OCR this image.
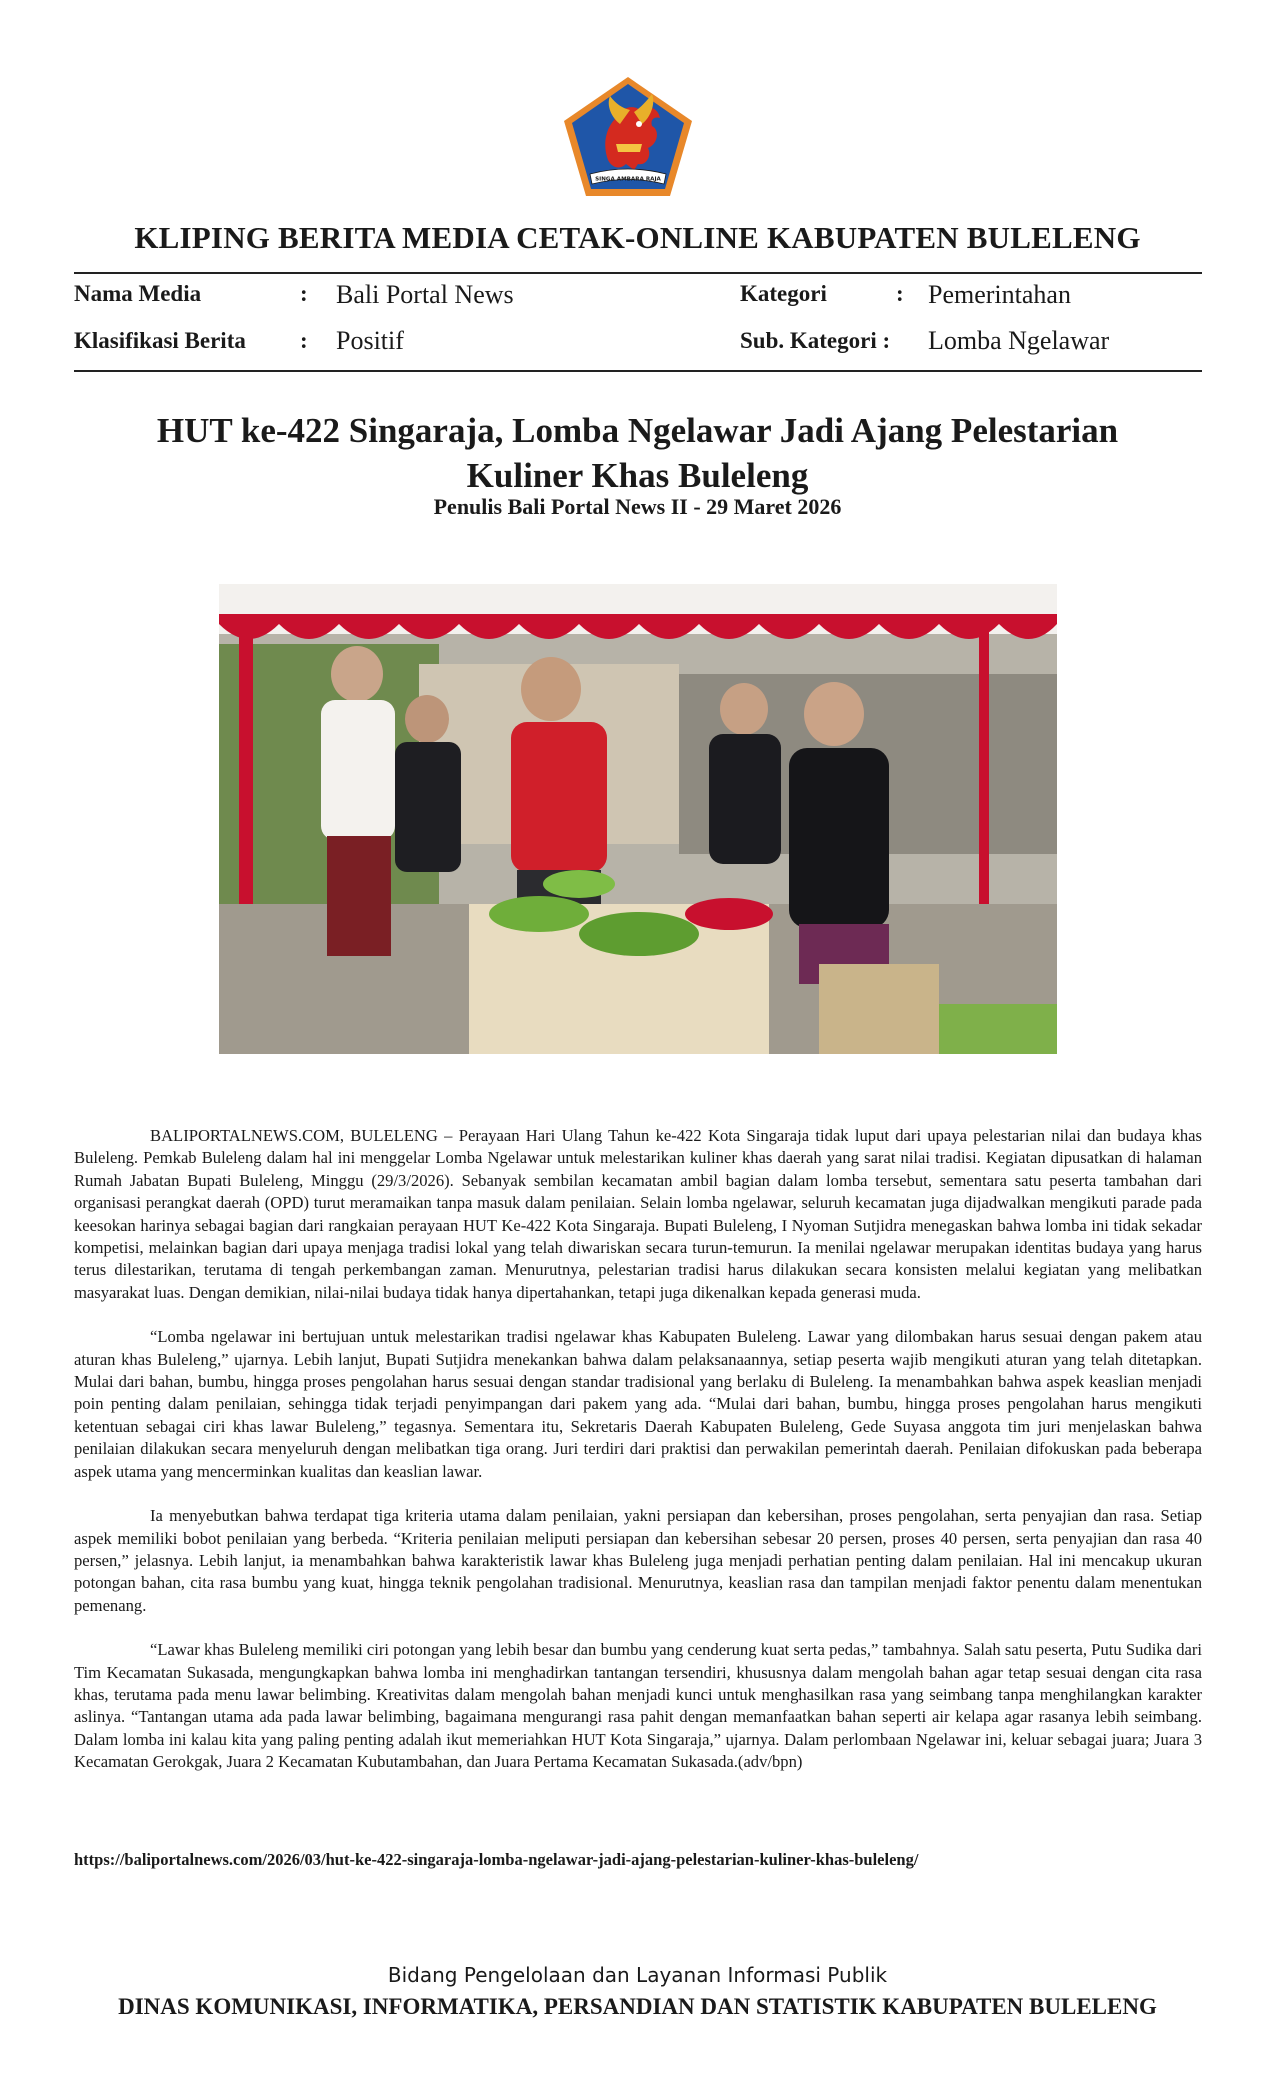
SINGA AMBARA RAJA
KLIPING BERITA MEDIA CETAK-ONLINE KABUPATEN BULELENG
Nama Media	: Bali Portal News
Klasifikasi Berita : Positif
Kategori	: Pemerintahan
Sub. Kategori : Lomba Ngelawar
HUT ke-422 Singaraja, Lomba Ngelawar Jadi Ajang Pelestarian
Kuliner Khas Buleleng
Penulis Bali Portal News II - 29 Maret 2026

BALIPORTALNEWS.COM, BULELENG – Perayaan Hari Ulang Tahun ke-422 Kota Singaraja tidak luput dari upaya pelestarian nilai dan budaya khas Buleleng. Pemkab Buleleng dalam hal ini menggelar Lomba Ngelawar untuk melestarikan kuliner khas daerah yang sarat nilai tradisi. Kegiatan dipusatkan di halaman Rumah Jabatan Bupati Buleleng, Minggu (29/3/2026). Sebanyak sembilan kecamatan ambil bagian dalam lomba tersebut, sementara satu peserta tambahan dari organisasi perangkat daerah (OPD) turut meramaikan tanpa masuk dalam penilaian. Selain lomba ngelawar, seluruh kecamatan juga dijadwalkan mengikuti parade pada keesokan harinya sebagai bagian dari rangkaian perayaan HUT Ke-422 Kota Singaraja. Bupati Buleleng, I Nyoman Sutjidra menegaskan bahwa lomba ini tidak sekadar kompetisi, melainkan bagian dari upaya menjaga tradisi lokal yang telah diwariskan secara turun-temurun. Ia menilai ngelawar merupakan identitas budaya yang harus terus dilestarikan, terutama di tengah perkembangan zaman. Menurutnya, pelestarian tradisi harus dilakukan secara konsisten melalui kegiatan yang melibatkan masyarakat luas. Dengan demikian, nilai-nilai budaya tidak hanya dipertahankan, tetapi juga dikenalkan kepada generasi muda.

“Lomba ngelawar ini bertujuan untuk melestarikan tradisi ngelawar khas Kabupaten Buleleng. Lawar yang dilombakan harus sesuai dengan pakem atau aturan khas Buleleng,” ujarnya. Lebih lanjut, Bupati Sutjidra menekankan bahwa dalam pelaksanaannya, setiap peserta wajib mengikuti aturan yang telah ditetapkan. Mulai dari bahan, bumbu, hingga proses pengolahan harus sesuai dengan standar tradisional yang berlaku di Buleleng. Ia menambahkan bahwa aspek keaslian menjadi poin penting dalam penilaian, sehingga tidak terjadi penyimpangan dari pakem yang ada. “Mulai dari bahan, bumbu, hingga proses pengolahan harus mengikuti ketentuan sebagai ciri khas lawar Buleleng,” tegasnya. Sementara itu, Sekretaris Daerah Kabupaten Buleleng, Gede Suyasa anggota tim juri menjelaskan bahwa penilaian dilakukan secara menyeluruh dengan melibatkan tiga orang. Juri terdiri dari praktisi dan perwakilan pemerintah daerah. Penilaian difokuskan pada beberapa aspek utama yang mencerminkan kualitas dan keaslian lawar.

Ia menyebutkan bahwa terdapat tiga kriteria utama dalam penilaian, yakni persiapan dan kebersihan, proses pengolahan, serta penyajian dan rasa. Setiap aspek memiliki bobot penilaian yang berbeda. “Kriteria penilaian meliputi persiapan dan kebersihan sebesar 20 persen, proses 40 persen, serta penyajian dan rasa 40 persen,” jelasnya. Lebih lanjut, ia menambahkan bahwa karakteristik lawar khas Buleleng juga menjadi perhatian penting dalam penilaian. Hal ini mencakup ukuran potongan bahan, cita rasa bumbu yang kuat, hingga teknik pengolahan tradisional. Menurutnya, keaslian rasa dan tampilan menjadi faktor penentu dalam menentukan pemenang.

“Lawar khas Buleleng memiliki ciri potongan yang lebih besar dan bumbu yang cenderung kuat serta pedas,” tambahnya. Salah satu peserta, Putu Sudika dari Tim Kecamatan Sukasada, mengungkapkan bahwa lomba ini menghadirkan tantangan tersendiri, khususnya dalam mengolah bahan agar tetap sesuai dengan cita rasa khas, terutama pada menu lawar belimbing. Kreativitas dalam mengolah bahan menjadi kunci untuk menghasilkan rasa yang seimbang tanpa menghilangkan karakter aslinya. “Tantangan utama ada pada lawar belimbing, bagaimana mengurangi rasa pahit dengan memanfaatkan bahan seperti air kelapa agar rasanya lebih seimbang. Dalam lomba ini kalau kita yang paling penting adalah ikut memeriahkan HUT Kota Singaraja,” ujarnya. Dalam perlombaan Ngelawar ini, keluar sebagai juara; Juara 3 Kecamatan Gerokgak, Juara 2 Kecamatan Kubutambahan, dan Juara Pertama Kecamatan Sukasada.(adv/bpn)

https://baliportalnews.com/2026/03/hut-ke-422-singaraja-lomba-ngelawar-jadi-ajang-pelestarian-kuliner-khas-buleleng/
Bidang Pengelolaan dan Layanan Informasi Publik
DINAS KOMUNIKASI, INFORMATIKA, PERSANDIAN DAN STATISTIK KABUPATEN BULELENG
